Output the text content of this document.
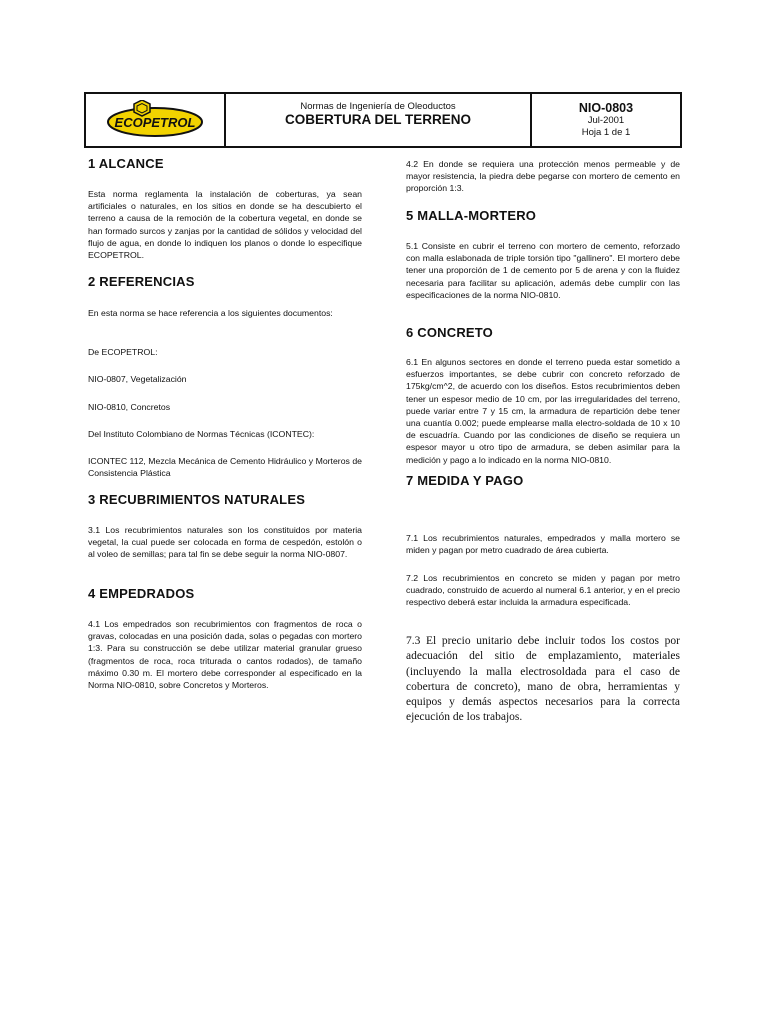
ECOPETROL
Normas de Ingeniería de Oleoductos
COBERTURA DEL TERRENO
NIO-0803
Jul-2001
Hoja 1 de 1
1 ALCANCE

Esta norma reglamenta la instalación de coberturas, ya sean artificiales o naturales, en los sitios en donde se ha descubierto el terreno a causa de la remoción de la cobertura vegetal, en donde se han formado surcos y zanjas por la cantidad de sólidos y velocidad del flujo de agua, en donde lo indiquen los planos o donde lo especifique ECOPETROL.

2 REFERENCIAS

En esta norma se hace referencia a los siguientes documentos:

De ECOPETROL:

NIO-0807, Vegetalización

NIO-0810, Concretos

Del Instituto Colombiano de Normas Técnicas (ICONTEC):

ICONTEC 112, Mezcla Mecánica de Cemento Hidráulico y Morteros de Consistencia Plástica

3 RECUBRIMIENTOS NATURALES

3.1 Los recubrimientos naturales son los constituidos por materia vegetal, la cual puede ser colocada en forma de cespedón, estolón o al voleo de semillas; para tal fin se debe seguir la norma NIO-0807.

4 EMPEDRADOS

4.1 Los empedrados son recubrimientos con fragmentos de roca o gravas, colocadas en una posición dada, solas o pegadas con mortero 1:3. Para su construcción se debe utilizar material granular grueso (fragmentos de roca, roca triturada o cantos rodados), de tamaño máximo 0.30 m. El mortero debe corresponder al especificado en la Norma NIO-0810, sobre Concretos y Morteros.

4.2 En donde se requiera una protección menos permeable y de mayor resistencia, la piedra debe pegarse con mortero de cemento en proporción 1:3.

5 MALLA-MORTERO

5.1 Consiste en cubrir el terreno con mortero de cemento, reforzado con malla eslabonada de triple torsión tipo "gallinero". El mortero debe tener una proporción de 1 de cemento por 5 de arena y con la fluidez necesaria para facilitar su aplicación, además debe cumplir con las especificaciones de la norma NIO-0810.

6 CONCRETO

6.1 En algunos sectores en donde el terreno pueda estar sometido a esfuerzos importantes, se debe cubrir con concreto reforzado de 175kg/cm^2, de acuerdo con los diseños. Estos recubrimientos deben tener un espesor medio de 10 cm, por las irregularidades del terreno, puede variar entre 7 y 15 cm, la armadura de repartición debe tener una cuantía 0.002; puede emplearse malla electro-soldada de 10 x 10 de escuadría. Cuando por las condiciones de diseño se requiera un espesor mayor u otro tipo de armadura, se deben asimilar para la medición y pago a lo indicado en la norma NIO-0810.

7 MEDIDA Y PAGO

7.1 Los recubrimientos naturales, empedrados y malla mortero se miden y pagan por metro cuadrado de área cubierta.

7.2 Los recubrimientos en concreto se miden y pagan por metro cuadrado, construido de acuerdo al numeral 6.1 anterior, y en el precio respectivo deberá estar incluida la armadura especificada.

7.3 El precio unitario debe incluir todos los costos por adecuación del sitio de emplazamiento, materiales (incluyendo la malla electrosoldada para el caso de cobertura de concreto), mano de obra, herramientas y equipos y demás aspectos necesarios para la correcta ejecución de los trabajos.
